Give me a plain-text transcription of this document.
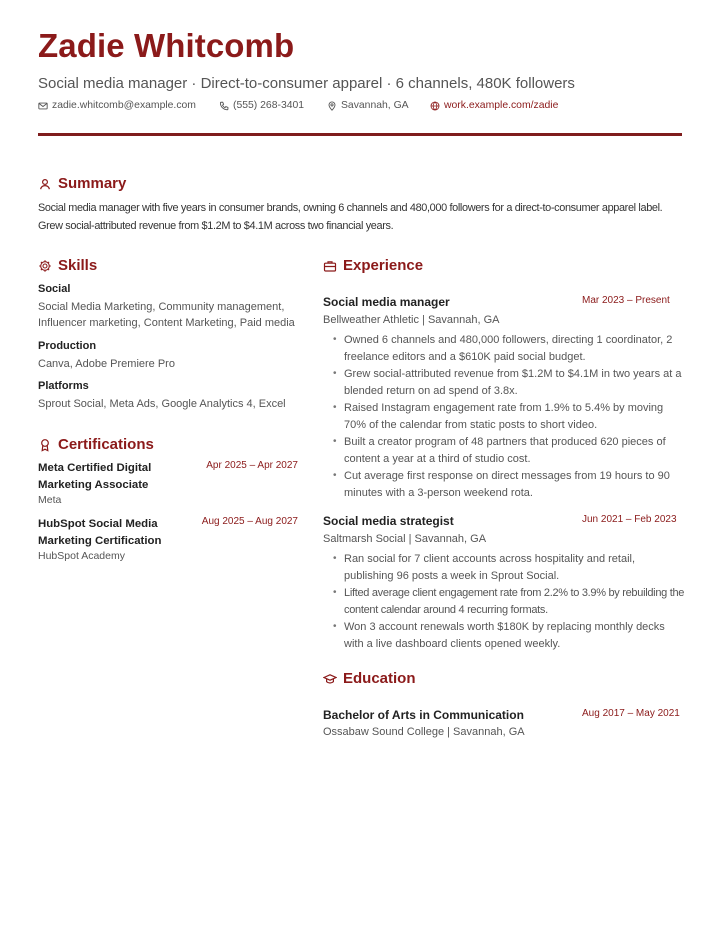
Zadie Whitcomb
Social media manager · Direct-to-consumer apparel · 6 channels, 480K followers
zadie.whitcomb@example.com	(555) 268-3401	Savannah, GA	work.example.com/zadie
Summary
Social media manager with five years in consumer brands, owning 6 channels and 480,000 followers for a direct-to-consumer apparel label. Grew social-attributed revenue from $1.2M to $4.1M across two financial years.
Skills
Social
Social Media Marketing, Community management, Influencer marketing, Content Marketing, Paid media
Production
Canva, Adobe Premiere Pro
Platforms
Sprout Social, Meta Ads, Google Analytics 4, Excel
Certifications
Meta Certified Digital Marketing Associate
Apr 2025 – Apr 2027
Meta
HubSpot Social Media Marketing Certification
Aug 2025 – Aug 2027
HubSpot Academy
Experience
Social media manager	Mar 2023 – Present
Bellweather Athletic | Savannah, GA
• Owned 6 channels and 480,000 followers, directing 1 coordinator, 2 freelance editors and a $610K paid social budget.
• Grew social-attributed revenue from $1.2M to $4.1M in two years at a blended return on ad spend of 3.8x.
• Raised Instagram engagement rate from 1.9% to 5.4% by moving 70% of the calendar from static posts to short video.
• Built a creator program of 48 partners that produced 620 pieces of content a year at a third of studio cost.
• Cut average first response on direct messages from 19 hours to 90 minutes with a 3-person weekend rota.
Social media strategist	Jun 2021 – Feb 2023
Saltmarsh Social | Savannah, GA
• Ran social for 7 client accounts across hospitality and retail, publishing 96 posts a week in Sprout Social.
• Lifted average client engagement rate from 2.2% to 3.9% by rebuilding the content calendar around 4 recurring formats.
• Won 3 account renewals worth $180K by replacing monthly decks with a live dashboard clients opened weekly.
Education
Bachelor of Arts in Communication	Aug 2017 – May 2021
Ossabaw Sound College | Savannah, GA
